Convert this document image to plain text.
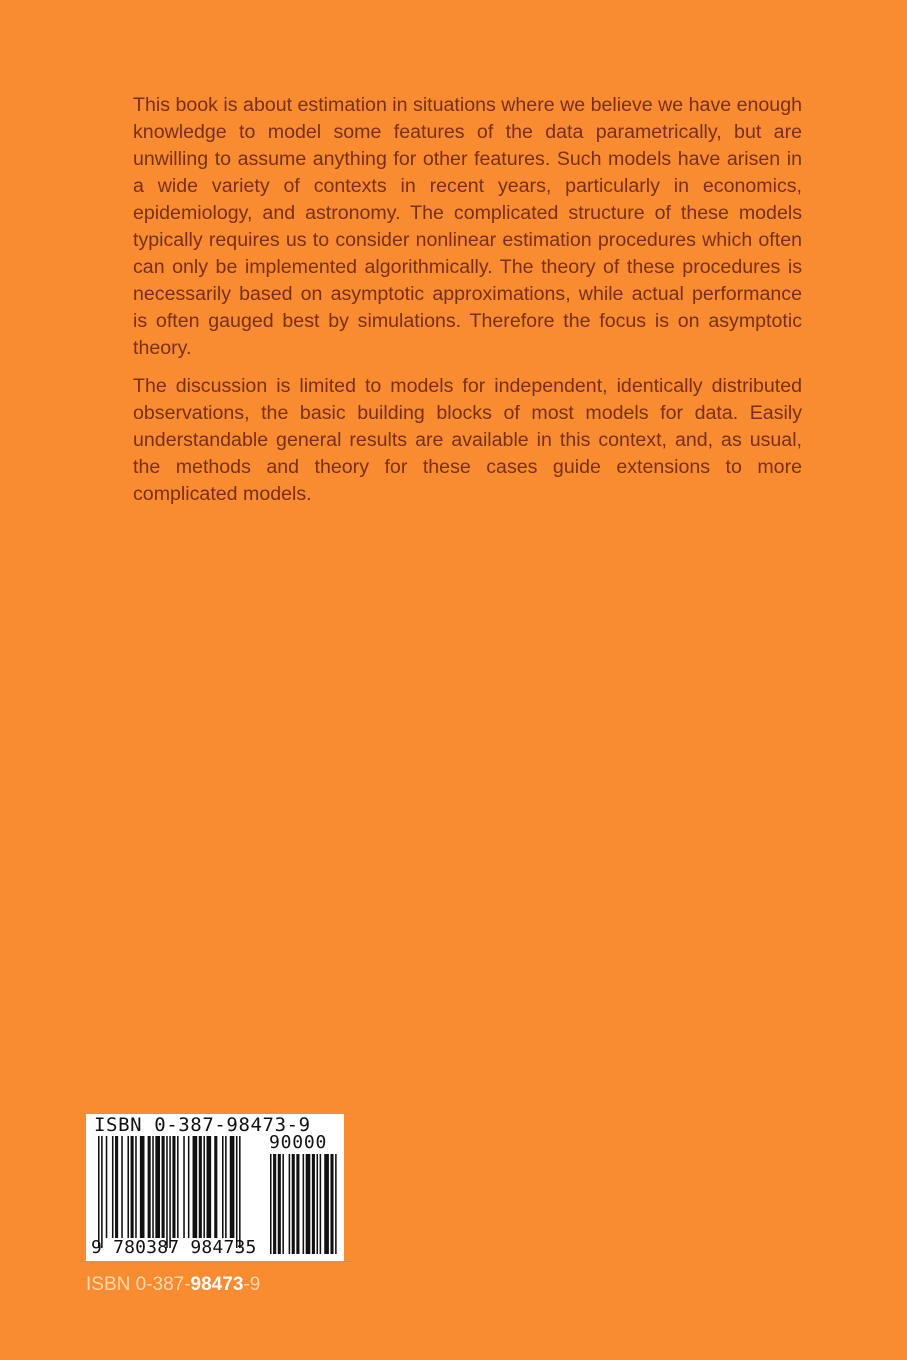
This book is about estimation in situations where we believe we have enough knowledge to model some features of the data parametrically, but are unwilling to assume anything for other features. Such models have arisen in a wide variety of contexts in recent years, particularly in economics, epidemiology, and astronomy. The complicated structure of these models typically requires us to consider nonlinear estimation procedures which often can only be implemented algorithmically. The theory of these procedures is necessarily based on asymptotic approximations, while actual performance is often gauged best by simulations. Therefore the focus is on asymptotic theory.

The discussion is limited to models for independent, identically distributed observations, the basic building blocks of most models for data. Easily understandable general results are available in this context, and, as usual, the methods and theory for these cases guide extensions to more complicated models.

ISBN 0-387-98473-9
90000
9 780387 984735
ISBN 0-387-98473-9
